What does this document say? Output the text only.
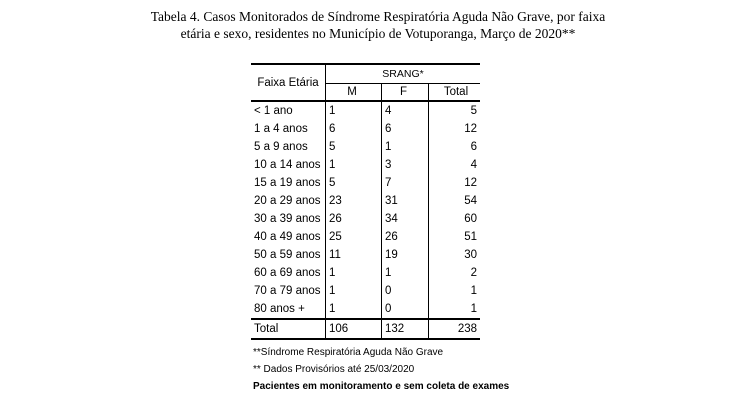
Tabela 4. Casos Monitorados de Síndrome Respiratória Aguda Não Grave, por faixa
etária e sexo, residentes no Município de Votuporanga, Março de 2020**
Faixa Etária	SRANG*		
	M	F	Total
< 1 ano	1	4	5
1 a 4 anos	6	6	12
5 a 9 anos	5	1	6
10 a 14 anos	1	3	4
15 a 19 anos	5	7	12
20 a 29 anos	23	31	54
30 a 39 anos	26	34	60
40 a 49 anos	25	26	51
50 a 59 anos	11	19	30
60 a 69 anos	1	1	2
70 a 79 anos	1	0	1
80 anos +	1	0	1
Total	106	132	238
**Síndrome Respiratória Aguda Não Grave
** Dados Provisórios até 25/03/2020
Pacientes em monitoramento e sem coleta de exames
